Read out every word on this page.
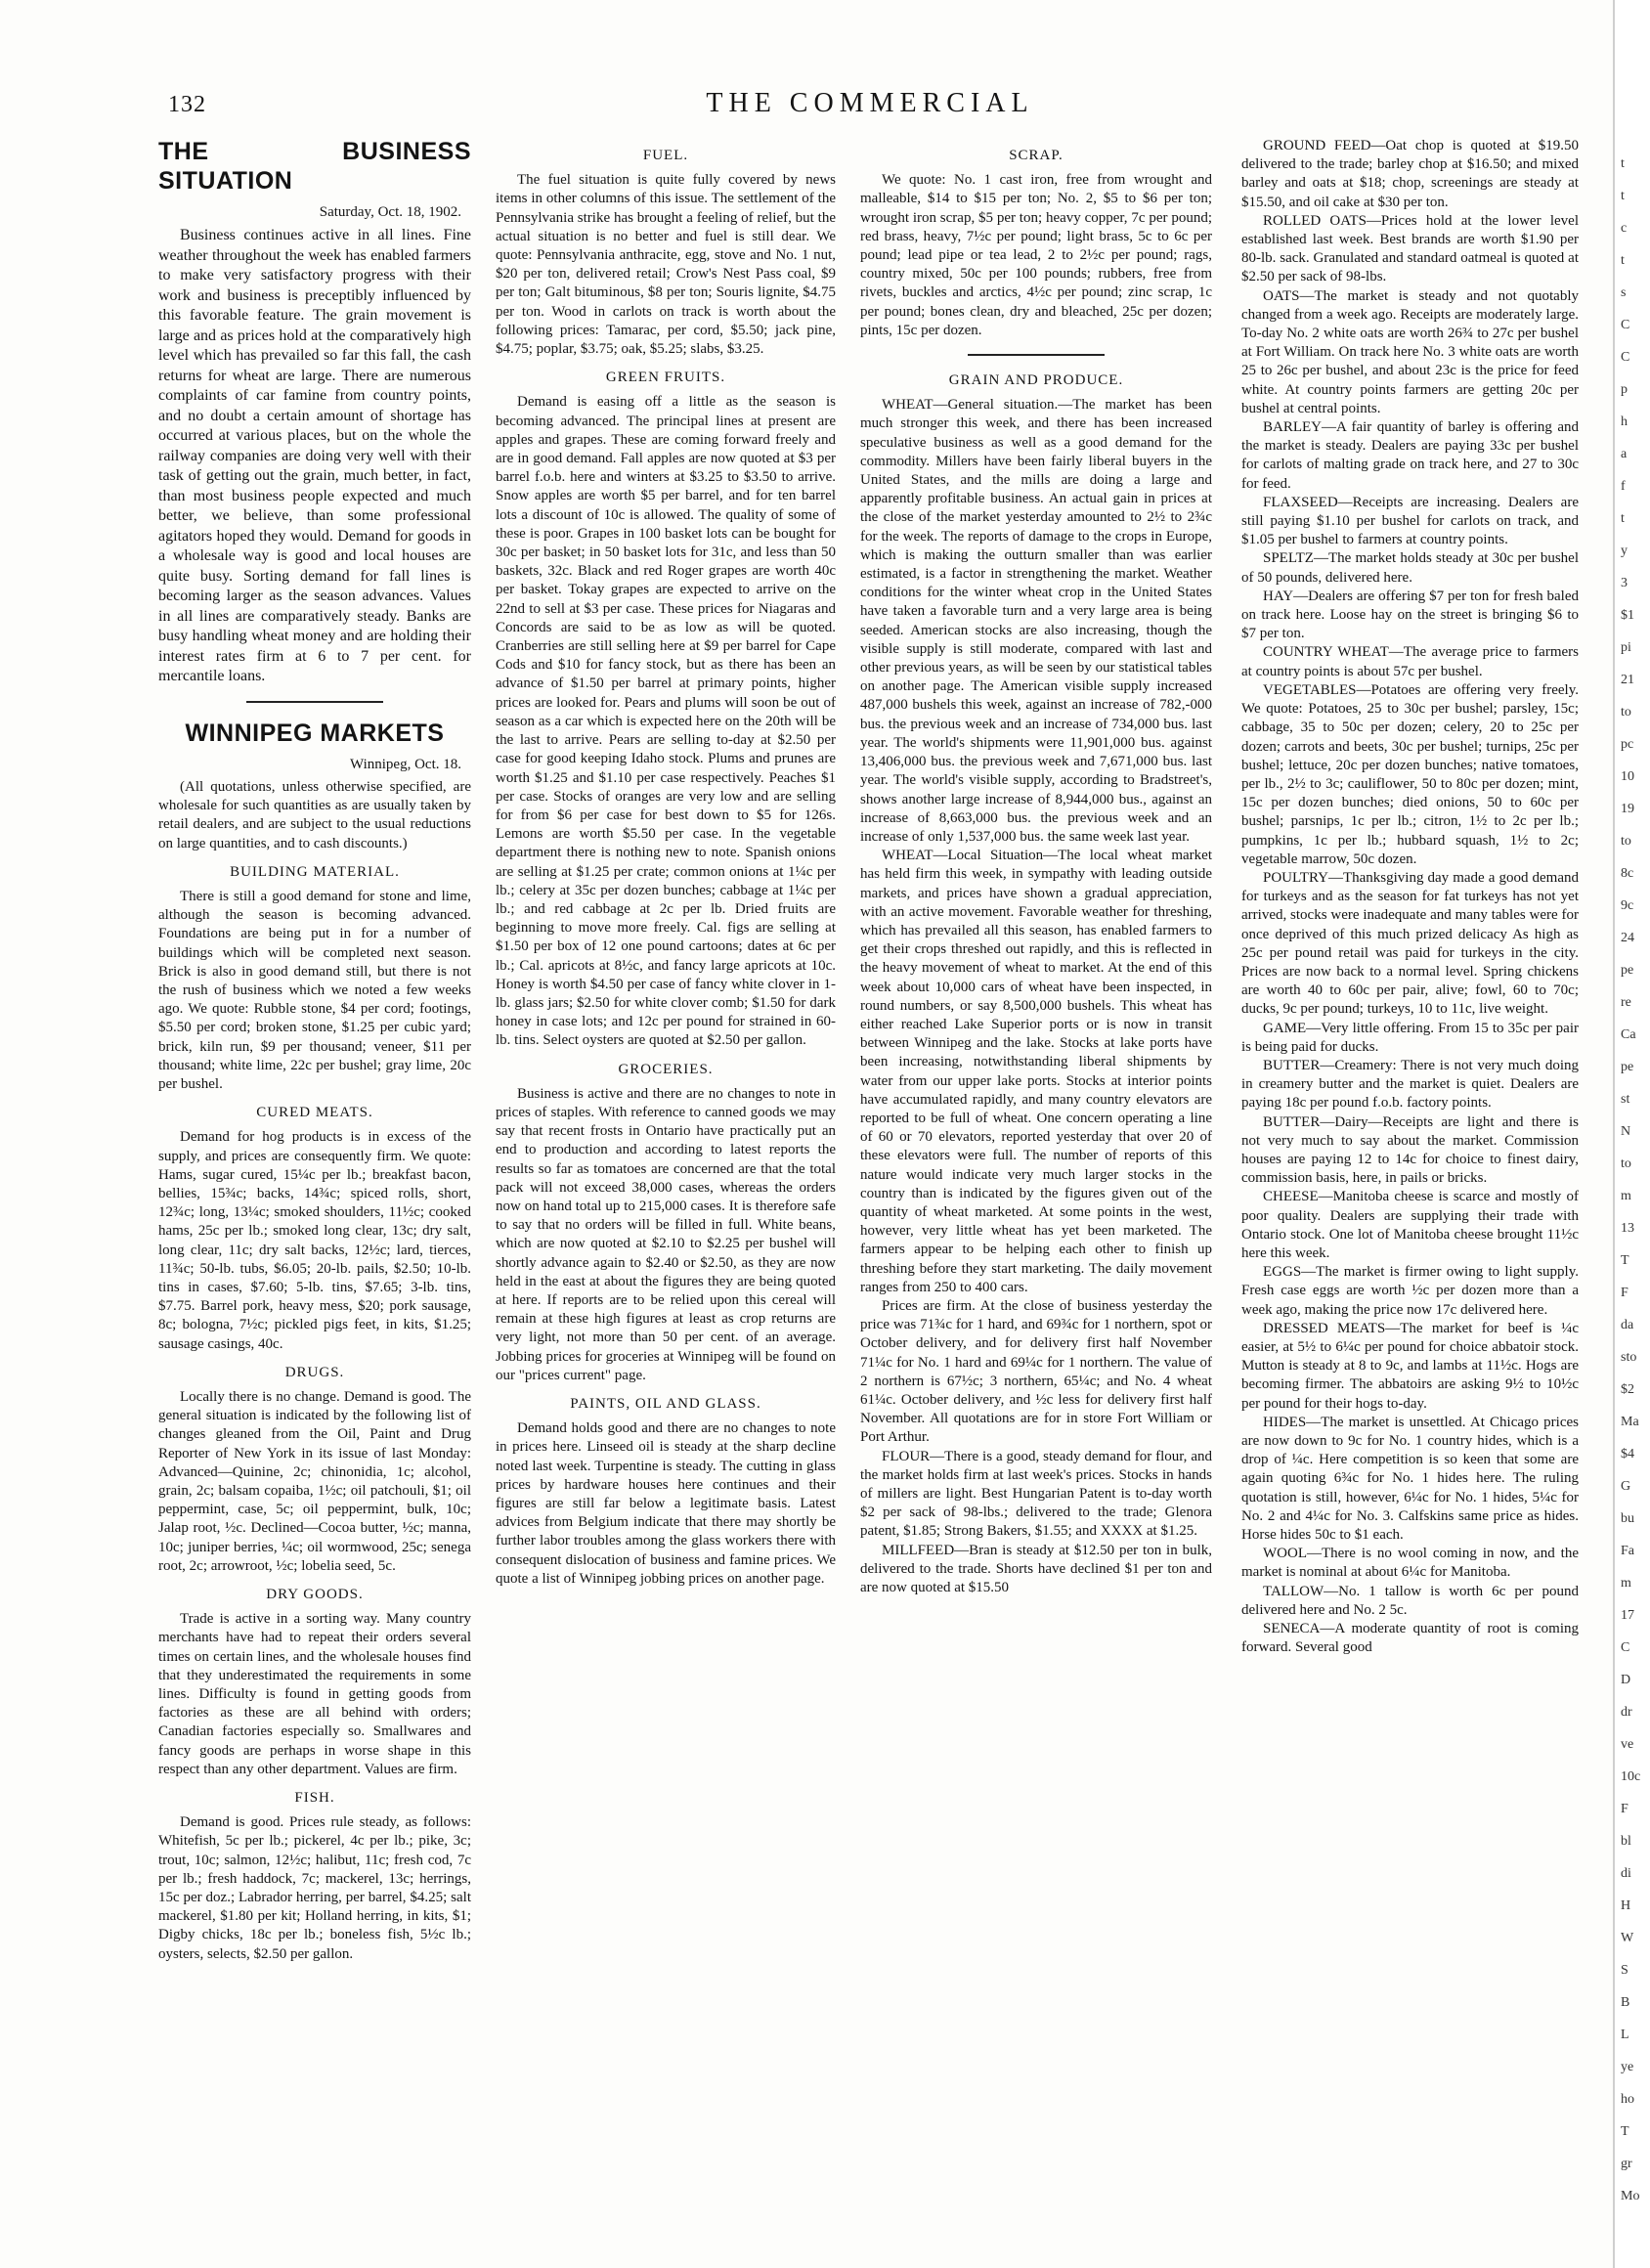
132	THE COMMERCIAL
THE BUSINESS SITUATION

Saturday, Oct. 18, 1902.

Business continues active in all lines. Fine weather throughout the week has enabled farmers to make very satisfactory progress with their work and business is preceptibly influenced by this favorable feature. The grain movement is large and as prices hold at the comparatively high level which has prevailed so far this fall, the cash returns for wheat are large. There are numerous complaints of car famine from country points, and no doubt a certain amount of shortage has occurred at various places, but on the whole the railway companies are doing very well with their task of getting out the grain, much better, in fact, than most business people expected and much better, we believe, than some professional agitators hoped they would. Demand for goods in a wholesale way is good and local houses are quite busy. Sorting demand for fall lines is becoming larger as the season advances. Values in all lines are comparatively steady. Banks are busy handling wheat money and are holding their interest rates firm at 6 to 7 per cent. for mercantile loans.

WINNIPEG MARKETS

Winnipeg, Oct. 18.

(All quotations, unless otherwise specified, are wholesale for such quantities as are usually taken by retail dealers, and are subject to the usual reductions on large quantities, and to cash discounts.)

BUILDING MATERIAL.

There is still a good demand for stone and lime, although the season is becoming advanced. Foundations are being put in for a number of buildings which will be completed next season. Brick is also in good demand still, but there is not the rush of business which we noted a few weeks ago. We quote: Rubble stone, $4 per cord; footings, $5.50 per cord; broken stone, $1.25 per cubic yard; brick, kiln run, $9 per thousand; veneer, $11 per thousand; white lime, 22c per bushel; gray lime, 20c per bushel.

CURED MEATS.

Demand for hog products is in excess of the supply, and prices are consequently firm. We quote: Hams, sugar cured, 15¼c per lb.; breakfast bacon, bellies, 15¾c; backs, 14¾c; spiced rolls, short, 12¾c; long, 13¼c; smoked shoulders, 11½c; cooked hams, 25c per lb.; smoked long clear, 13c; dry salt, long clear, 11c; dry salt backs, 12½c; lard, tierces, 11¾c; 50-lb. tubs, $6.05; 20-lb. pails, $2.50; 10-lb. tins in cases, $7.60; 5-lb. tins, $7.65; 3-lb. tins, $7.75. Barrel pork, heavy mess, $20; pork sausage, 8c; bologna, 7½c; pickled pigs feet, in kits, $1.25; sausage casings, 40c.

DRUGS.

Locally there is no change. Demand is good. The general situation is indicated by the following list of changes gleaned from the Oil, Paint and Drug Reporter of New York in its issue of last Monday: Advanced—Quinine, 2c; chinonidia, 1c; alcohol, grain, 2c; balsam copaiba, 1½c; oil patchouli, $1; oil peppermint, case, 5c; oil peppermint, bulk, 10c; Jalap root, ½c. Declined—Cocoa butter, ½c; manna, 10c; juniper berries, ¼c; oil wormwood, 25c; senega root, 2c; arrowroot, ½c; lobelia seed, 5c.

DRY GOODS.

Trade is active in a sorting way. Many country merchants have had to repeat their orders several times on certain lines, and the wholesale houses find that they underestimated the requirements in some lines. Difficulty is found in getting goods from factories as these are all behind with orders; Canadian factories especially so. Smallwares and fancy goods are perhaps in worse shape in this respect than any other department. Values are firm.

FISH.

Demand is good. Prices rule steady, as follows: Whitefish, 5c per lb.; pickerel, 4c per lb.; pike, 3c; trout, 10c; salmon, 12½c; halibut, 11c; fresh cod, 7c per lb.; fresh haddock, 7c; mackerel, 13c; herrings, 15c per doz.; Labrador herring, per barrel, $4.25; salt mackerel, $1.80 per kit; Holland herring, in kits, $1; Digby chicks, 18c per lb.; boneless fish, 5½c lb.; oysters, selects, $2.50 per gallon.

FUEL.

The fuel situation is quite fully covered by news items in other columns of this issue. The settlement of the Pennsylvania strike has brought a feeling of relief, but the actual situation is no better and fuel is still dear. We quote: Pennsylvania anthracite, egg, stove and No. 1 nut, $20 per ton, delivered retail; Crow's Nest Pass coal, $9 per ton; Galt bituminous, $8 per ton; Souris lignite, $4.75 per ton. Wood in carlots on track is worth about the following prices: Tamarac, per cord, $5.50; jack pine, $4.75; poplar, $3.75; oak, $5.25; slabs, $3.25.

GREEN FRUITS.

Demand is easing off a little as the season is becoming advanced. The principal lines at present are apples and grapes. These are coming forward freely and are in good demand. Fall apples are now quoted at $3 per barrel f.o.b. here and winters at $3.25 to $3.50 to arrive. Snow apples are worth $5 per barrel, and for ten barrel lots a discount of 10c is allowed. The quality of some of these is poor. Grapes in 100 basket lots can be bought for 30c per basket; in 50 basket lots for 31c, and less than 50 baskets, 32c. Black and red Roger grapes are worth 40c per basket. Tokay grapes are expected to arrive on the 22nd to sell at $3 per case. These prices for Niagaras and Concords are said to be as low as will be quoted. Cranberries are still selling here at $9 per barrel for Cape Cods and $10 for fancy stock, but as there has been an advance of $1.50 per barrel at primary points, higher prices are looked for. Pears and plums will soon be out of season as a car which is expected here on the 20th will be the last to arrive. Pears are selling to-day at $2.50 per case for good keeping Idaho stock. Plums and prunes are worth $1.25 and $1.10 per case respectively. Peaches $1 per case. Stocks of oranges are very low and are selling for from $6 per case for best down to $5 for 126s. Lemons are worth $5.50 per case. In the vegetable department there is nothing new to note. Spanish onions are selling at $1.25 per crate; common onions at 1¼c per lb.; celery at 35c per dozen bunches; cabbage at 1¼c per lb.; and red cabbage at 2c per lb. Dried fruits are beginning to move more freely. Cal. figs are selling at $1.50 per box of 12 one pound cartoons; dates at 6c per lb.; Cal. apricots at 8½c, and fancy large apricots at 10c. Honey is worth $4.50 per case of fancy white clover in 1-lb. glass jars; $2.50 for white clover comb; $1.50 for dark honey in case lots; and 12c per pound for strained in 60-lb. tins. Select oysters are quoted at $2.50 per gallon.

GROCERIES.

Business is active and there are no changes to note in prices of staples. With reference to canned goods we may say that recent frosts in Ontario have practically put an end to production and according to latest reports the results so far as tomatoes are concerned are that the total pack will not exceed 38,000 cases, whereas the orders now on hand total up to 215,000 cases. It is therefore safe to say that no orders will be filled in full. White beans, which are now quoted at $2.10 to $2.25 per bushel will shortly advance again to $2.40 or $2.50, as they are now held in the east at about the figures they are being quoted at here. If reports are to be relied upon this cereal will remain at these high figures at least as crop returns are very light, not more than 50 per cent. of an average. Jobbing prices for groceries at Winnipeg will be found on our "prices current" page.

PAINTS, OIL AND GLASS.

Demand holds good and there are no changes to note in prices here. Linseed oil is steady at the sharp decline noted last week. Turpentine is steady. The cutting in glass prices by hardware houses here continues and their figures are still far below a legitimate basis. Latest advices from Belgium indicate that there may shortly be further labor troubles among the glass workers there with consequent dislocation of business and famine prices. We quote a list of Winnipeg jobbing prices on another page.

SCRAP.

We quote: No. 1 cast iron, free from wrought and malleable, $14 to $15 per ton; No. 2, $5 to $6 per ton; wrought iron scrap, $5 per ton; heavy copper, 7c per pound; red brass, heavy, 7½c per pound; light brass, 5c to 6c per pound; lead pipe or tea lead, 2 to 2½c per pound; rags, country mixed, 50c per 100 pounds; rubbers, free from rivets, buckles and arctics, 4½c per pound; zinc scrap, 1c per pound; bones clean, dry and bleached, 25c per dozen; pints, 15c per dozen.

GRAIN AND PRODUCE.

WHEAT—General situation.—The market has been much stronger this week, and there has been increased speculative business as well as a good demand for the commodity. Millers have been fairly liberal buyers in the United States, and the mills are doing a large and apparently profitable business. An actual gain in prices at the close of the market yesterday amounted to 2½ to 2¾c for the week. The reports of damage to the crops in Europe, which is making the outturn smaller than was earlier estimated, is a factor in strengthening the market. Weather conditions for the winter wheat crop in the United States have taken a favorable turn and a very large area is being seeded. American stocks are also increasing, though the visible supply is still moderate, compared with last and other previous years, as will be seen by our statistical tables on another page. The American visible supply increased 487,000 bushels this week, against an increase of 782,-000 bus. the previous week and an increase of 734,000 bus. last year. The world's shipments were 11,901,000 bus. against 13,406,000 bus. the previous week and 7,671,000 bus. last year. The world's visible supply, according to Bradstreet's, shows another large increase of 8,944,000 bus., against an increase of 8,663,000 bus. the previous week and an increase of only 1,537,000 bus. the same week last year.

WHEAT—Local Situation—The local wheat market has held firm this week, in sympathy with leading outside markets, and prices have shown a gradual appreciation, with an active movement. Favorable weather for threshing, which has prevailed all this season, has enabled farmers to get their crops threshed out rapidly, and this is reflected in the heavy movement of wheat to market. At the end of this week about 10,000 cars of wheat have been inspected, in round numbers, or say 8,500,000 bushels. This wheat has either reached Lake Superior ports or is now in transit between Winnipeg and the lake. Stocks at lake ports have been increasing, notwithstanding liberal shipments by water from our upper lake ports. Stocks at interior points have accumulated rapidly, and many country elevators are reported to be full of wheat. One concern operating a line of 60 or 70 elevators, reported yesterday that over 20 of these elevators were full. The number of reports of this nature would indicate very much larger stocks in the country than is indicated by the figures given out of the quantity of wheat marketed. At some points in the west, however, very little wheat has yet been marketed. The farmers appear to be helping each other to finish up threshing before they start marketing. The daily movement ranges from 250 to 400 cars.

Prices are firm. At the close of business yesterday the price was 71¾c for 1 hard, and 69¾c for 1 northern, spot or October delivery, and for delivery first half November 71¼c for No. 1 hard and 69¼c for 1 northern. The value of 2 northern is 67½c; 3 northern, 65¼c; and No. 4 wheat 61¼c. October delivery, and ½c less for delivery first half November. All quotations are for in store Fort William or Port Arthur.

FLOUR—There is a good, steady demand for flour, and the market holds firm at last week's prices. Stocks in hands of millers are light. Best Hungarian Patent is to-day worth $2 per sack of 98-lbs.; delivered to the trade; Glenora patent, $1.85; Strong Bakers, $1.55; and XXXX at $1.25.

MILLFEED—Bran is steady at $12.50 per ton in bulk, delivered to the trade. Shorts have declined $1 per ton and are now quoted at $15.50

GROUND FEED—Oat chop is quoted at $19.50 delivered to the trade; barley chop at $16.50; and mixed barley and oats at $18; chop, screenings are steady at $15.50, and oil cake at $30 per ton.

ROLLED OATS—Prices hold at the lower level established last week. Best brands are worth $1.90 per 80-lb. sack. Granulated and standard oatmeal is quoted at $2.50 per sack of 98-lbs.

OATS—The market is steady and not quotably changed from a week ago. Receipts are moderately large. To-day No. 2 white oats are worth 26¾ to 27c per bushel at Fort William. On track here No. 3 white oats are worth 25 to 26c per bushel, and about 23c is the price for feed white. At country points farmers are getting 20c per bushel at central points.

BARLEY—A fair quantity of barley is offering and the market is steady. Dealers are paying 33c per bushel for carlots of malting grade on track here, and 27 to 30c for feed.

FLAXSEED—Receipts are increasing. Dealers are still paying $1.10 per bushel for carlots on track, and $1.05 per bushel to farmers at country points.

SPELTZ—The market holds steady at 30c per bushel of 50 pounds, delivered here.

HAY—Dealers are offering $7 per ton for fresh baled on track here. Loose hay on the street is bringing $6 to $7 per ton.

COUNTRY WHEAT—The average price to farmers at country points is about 57c per bushel.

VEGETABLES—Potatoes are offering very freely. We quote: Potatoes, 25 to 30c per bushel; parsley, 15c; cabbage, 35 to 50c per dozen; celery, 20 to 25c per dozen; carrots and beets, 30c per bushel; turnips, 25c per bushel; lettuce, 20c per dozen bunches; native tomatoes, per lb., 2½ to 3c; cauliflower, 50 to 80c per dozen; mint, 15c per dozen bunches; died onions, 50 to 60c per bushel; parsnips, 1c per lb.; citron, 1½ to 2c per lb.; pumpkins, 1c per lb.; hubbard squash, 1½ to 2c; vegetable marrow, 50c dozen.

POULTRY—Thanksgiving day made a good demand for turkeys and as the season for fat turkeys has not yet arrived, stocks were inadequate and many tables were for once deprived of this much prized delicacy As high as 25c per pound retail was paid for turkeys in the city. Prices are now back to a normal level. Spring chickens are worth 40 to 60c per pair, alive; fowl, 60 to 70c; ducks, 9c per pound; turkeys, 10 to 11c, live weight.

GAME—Very little offering. From 15 to 35c per pair is being paid for ducks.

BUTTER—Creamery: There is not very much doing in creamery butter and the market is quiet. Dealers are paying 18c per pound f.o.b. factory points.

BUTTER—Dairy—Receipts are light and there is not very much to say about the market. Commission houses are paying 12 to 14c for choice to finest dairy, commission basis, here, in pails or bricks.

CHEESE—Manitoba cheese is scarce and mostly of poor quality. Dealers are supplying their trade with Ontario stock. One lot of Manitoba cheese brought 11½c here this week.

EGGS—The market is firmer owing to light supply. Fresh case eggs are worth ½c per dozen more than a week ago, making the price now 17c delivered here.

DRESSED MEATS—The market for beef is ¼c easier, at 5½ to 6¼c per pound for choice abbatoir stock. Mutton is steady at 8 to 9c, and lambs at 11½c. Hogs are becoming firmer. The abbatoirs are asking 9½ to 10½c per pound for their hogs to-day.

HIDES—The market is unsettled. At Chicago prices are now down to 9c for No. 1 country hides, which is a drop of ¼c. Here competition is so keen that some are again quoting 6¾c for No. 1 hides here. The ruling quotation is still, however, 6¼c for No. 1 hides, 5¼c for No. 2 and 4¼c for No. 3. Calfskins same price as hides. Horse hides 50c to $1 each.

WOOL—There is no wool coming in now, and the market is nominal at about 6¼c for Manitoba.

TALLOW—No. 1 tallow is worth 6c per pound delivered here and No. 2 5c.

SENECA—A moderate quantity of root is coming forward. Several good

t
t
c
t
s
C
C
p
h
a
f
t
y
3
$1
pi
21
to
pc
10
19
to
8c
9c
24
pe
re
Ca
pe
st
N
to
m
13
T
F
da
sto
$2
Ma
$4
G
bu
Fa
m
17
C
D
dr
ve
10c
F
bl
di
H
W
S
B
L
ye
ho
T
gr
Mo
